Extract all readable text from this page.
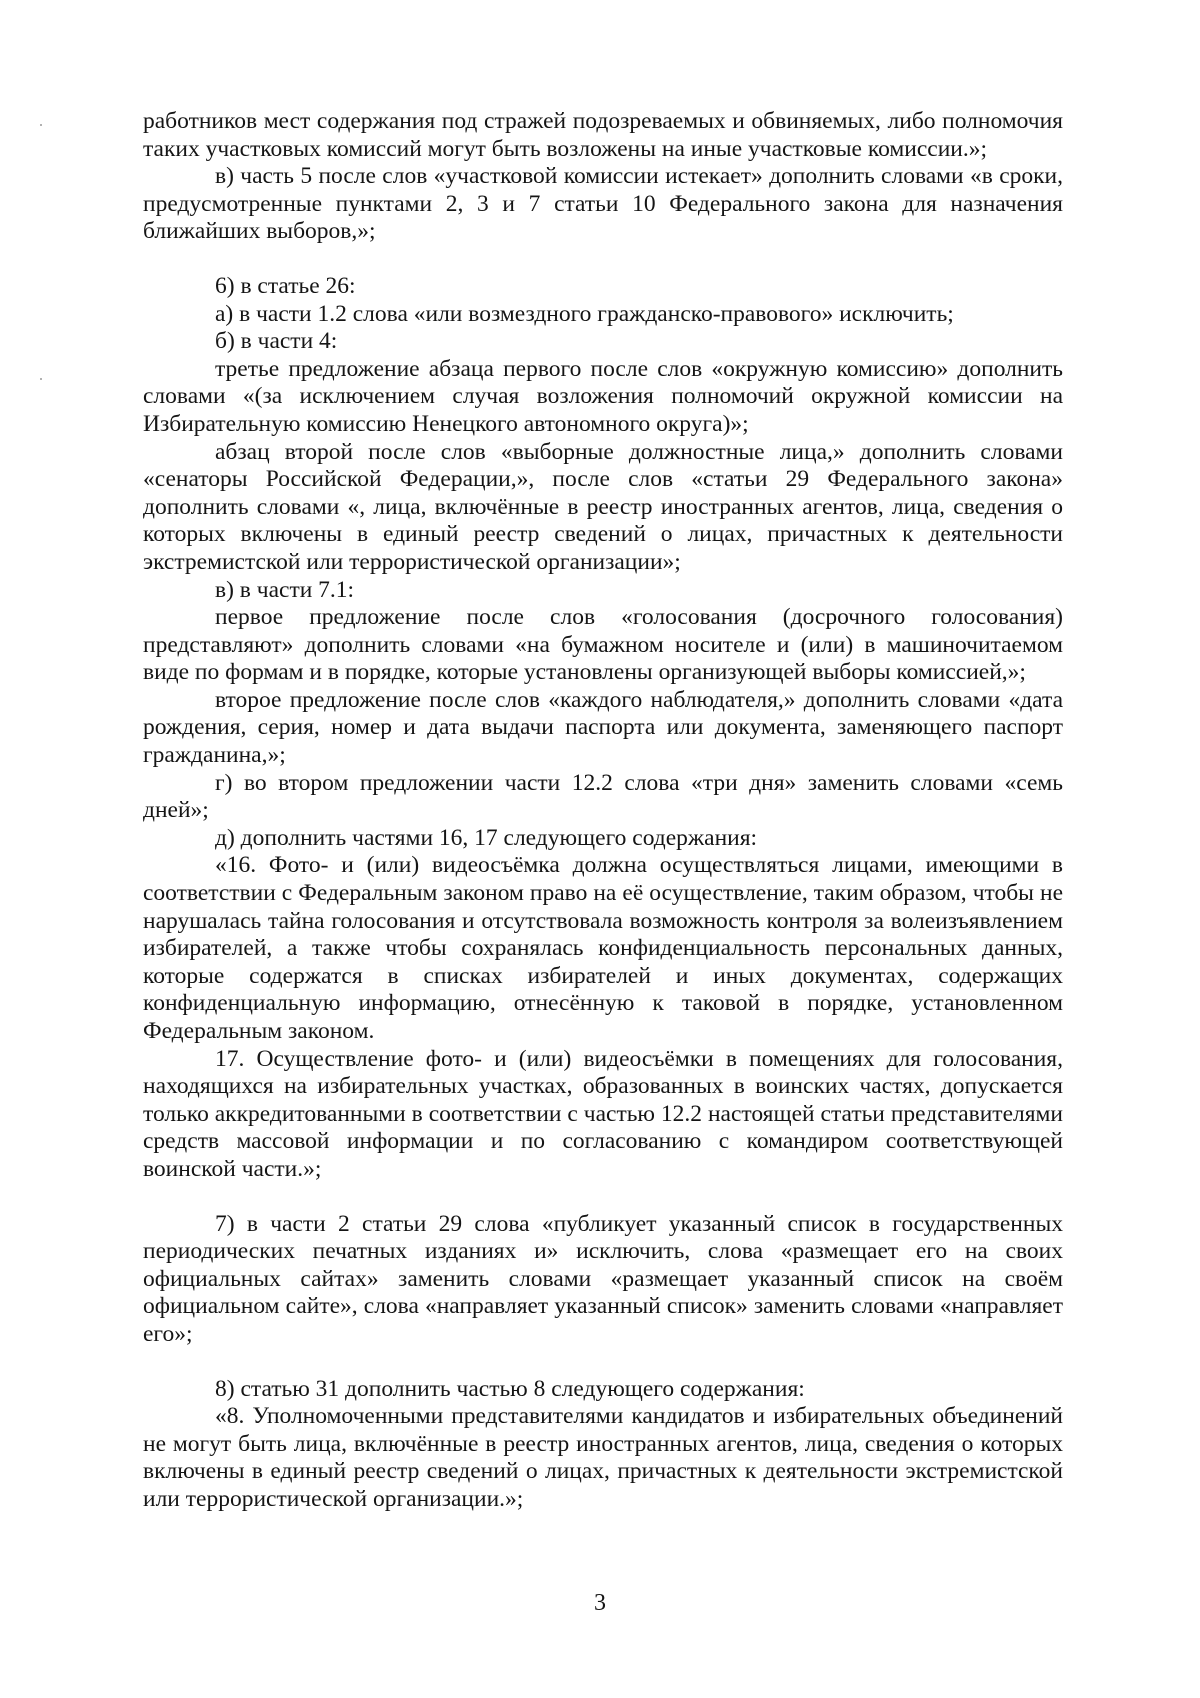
работников мест содержания под стражей подозреваемых и обвиняемых, либо полномочия таких участковых комиссий могут быть возложены на иные участковые комиссии.»;

в) часть 5 после слов «участковой комиссии истекает» дополнить словами «в сроки, предусмотренные пунктами 2, 3 и 7 статьи 10 Федерального закона для назначения ближайших выборов,»;

6) в статье 26:

а) в части 1.2 слова «или возмездного гражданско-правового» исключить;

б) в части 4:

третье предложение абзаца первого после слов «окружную комиссию» дополнить словами «(за исключением случая возложения полномочий окружной комиссии на Избирательную комиссию Ненецкого автономного округа)»;

абзац второй после слов «выборные должностные лица,» дополнить словами «сенаторы Российской Федерации,», после слов «статьи 29 Федерального закона» дополнить словами «, лица, включённые в реестр иностранных агентов, лица, сведения о которых включены в единый реестр сведений о лицах, причастных к деятельности экстремистской или террористической организации»;

в) в части 7.1:

первое предложение после слов «голосования (досрочного голосования) представляют» дополнить словами «на бумажном носителе и (или) в машиночитаемом виде по формам и в порядке, которые установлены организующей выборы комиссией,»;

второе предложение после слов «каждого наблюдателя,» дополнить словами «дата рождения, серия, номер и дата выдачи паспорта или документа, заменяющего паспорт гражданина,»;

г) во втором предложении части 12.2 слова «три дня» заменить словами «семь дней»;

д) дополнить частями 16, 17 следующего содержания:

«16. Фото- и (или) видеосъёмка должна осуществляться лицами, имеющими в соответствии с Федеральным законом право на её осуществление, таким образом, чтобы не нарушалась тайна голосования и отсутствовала возможность контроля за волеизъявлением избирателей, а также чтобы сохранялась конфиденциальность персональных данных, которые содержатся в списках избирателей и иных документах, содержащих конфиденциальную информацию, отнесённую к таковой в порядке, установленном Федеральным законом.

17. Осуществление фото- и (или) видеосъёмки в помещениях для голосования, находящихся на избирательных участках, образованных в воинских частях, допускается только аккредитованными в соответствии с частью 12.2 настоящей статьи представителями средств массовой информации и по согласованию с командиром соответствующей воинской части.»;

7) в части 2 статьи 29 слова «публикует указанный список в государственных периодических печатных изданиях и» исключить, слова «размещает его на своих официальных сайтах» заменить словами «размещает указанный список на своём официальном сайте», слова «направляет указанный список» заменить словами «направляет его»;

8) статью 31 дополнить частью 8 следующего содержания:

«8. Уполномоченными представителями кандидатов и избирательных объединений не могут быть лица, включённые в реестр иностранных агентов, лица, сведения о которых включены в единый реестр сведений о лицах, причастных к деятельности экстремистской или террористической организации.»;

3
